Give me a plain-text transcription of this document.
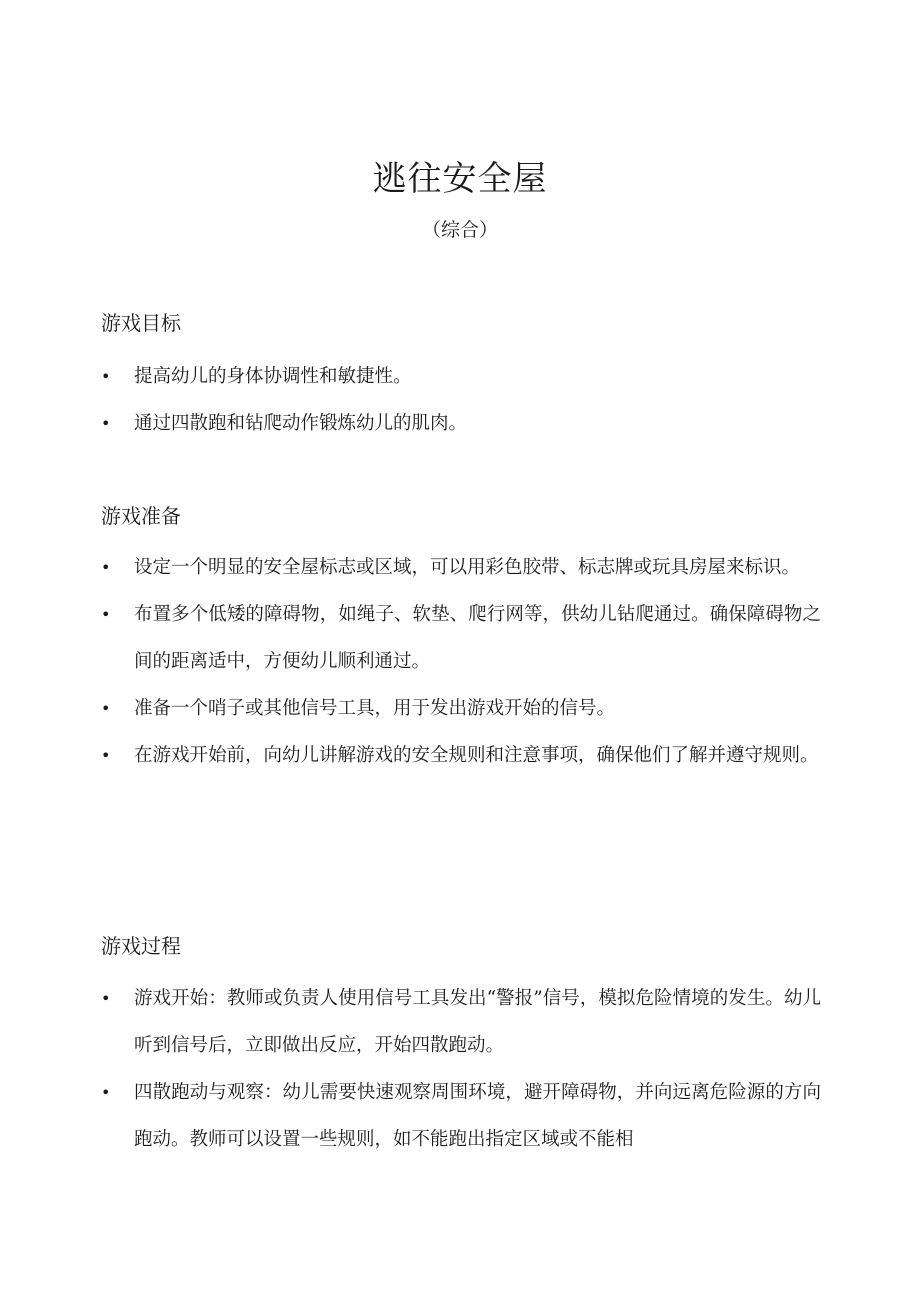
逃往安全屋
（综合）
游戏目标
• 提高幼儿的身体协调性和敏捷性。
• 通过四散跑和钻爬动作锻炼幼儿的肌肉。
游戏准备
• 设定一个明显的安全屋标志或区域，可以用彩色胶带、标志牌或玩具房屋来标识。
• 布置多个低矮的障碍物，如绳子、软垫、爬行网等，供幼儿钻爬通过。确保障碍物之间的距离适中，方便幼儿顺利通过。
• 准备一个哨子或其他信号工具，用于发出游戏开始的信号。
• 在游戏开始前，向幼儿讲解游戏的安全规则和注意事项，确保他们了解并遵守规则。
游戏过程
• 游戏开始：教师或负责人使用信号工具发出“警报”信号，模拟危险情境的发生。幼儿听到信号后，立即做出反应，开始四散跑动。
• 四散跑动与观察：幼儿需要快速观察周围环境，避开障碍物，并向远离危险源的方向跑动。教师可以设置一些规则，如不能跑出指定区域或不能相
